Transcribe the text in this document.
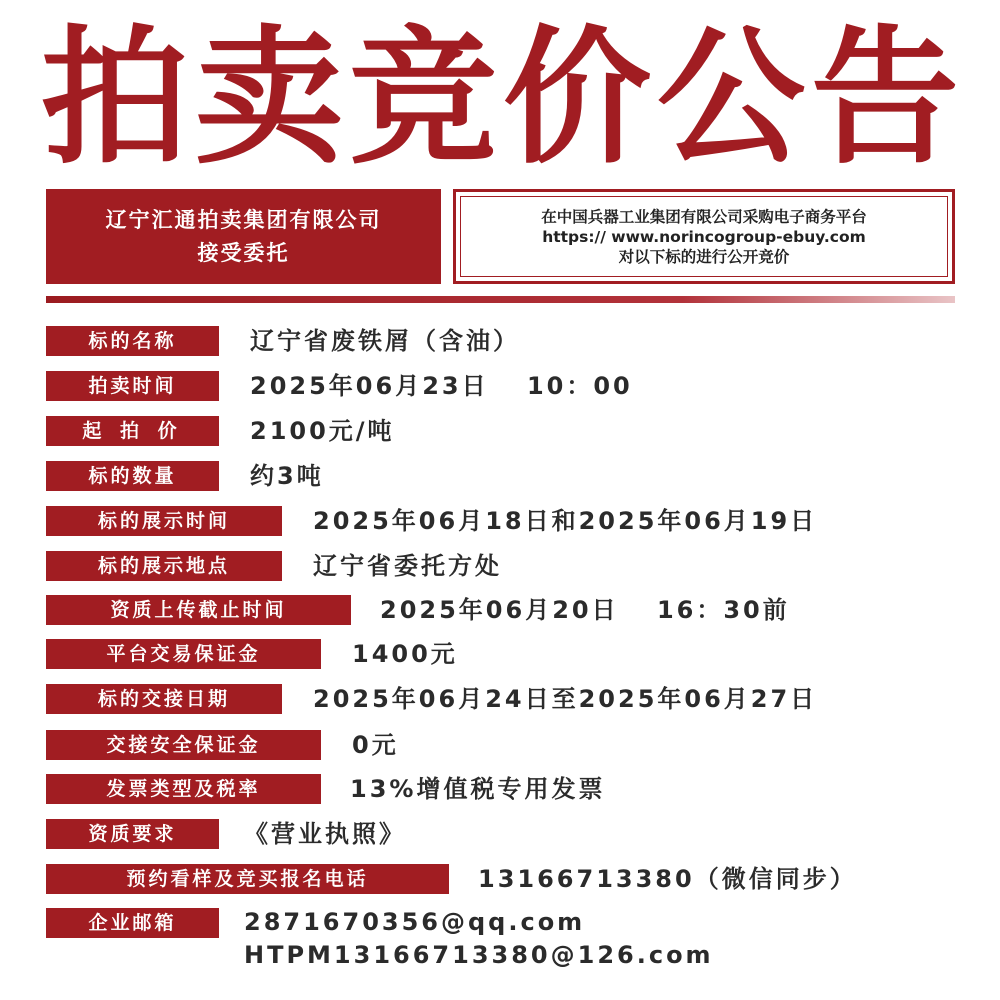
拍 卖 竞 价 公 告
辽宁汇通拍卖集团有限公司
接受委托
在中国兵器工业集团有限公司采购电子商务平台
https:// www.norincogroup-ebuy.com
对以下标的进行公开竞价
标的名称	辽宁省废铁屑（含油）
拍卖时间	2025年06月23日　 10：00
起 拍 价	2100元/吨
标的数量	约3吨
标的展示时间	2025年06月18日和2025年06月19日
标的展示地点	辽宁省委托方处
资质上传截止时间	2025年06月20日　 16：30前
平台交易保证金	1400元
标的交接日期	2025年06月24日至2025年06月27日
交接安全保证金	0元
发票类型及税率	13%增值税专用发票
资质要求	《营业执照》
预约看样及竞买报名电话	13166713380（微信同步）
企业邮箱	2871670356@qq.com
HTPM13166713380@126.com
